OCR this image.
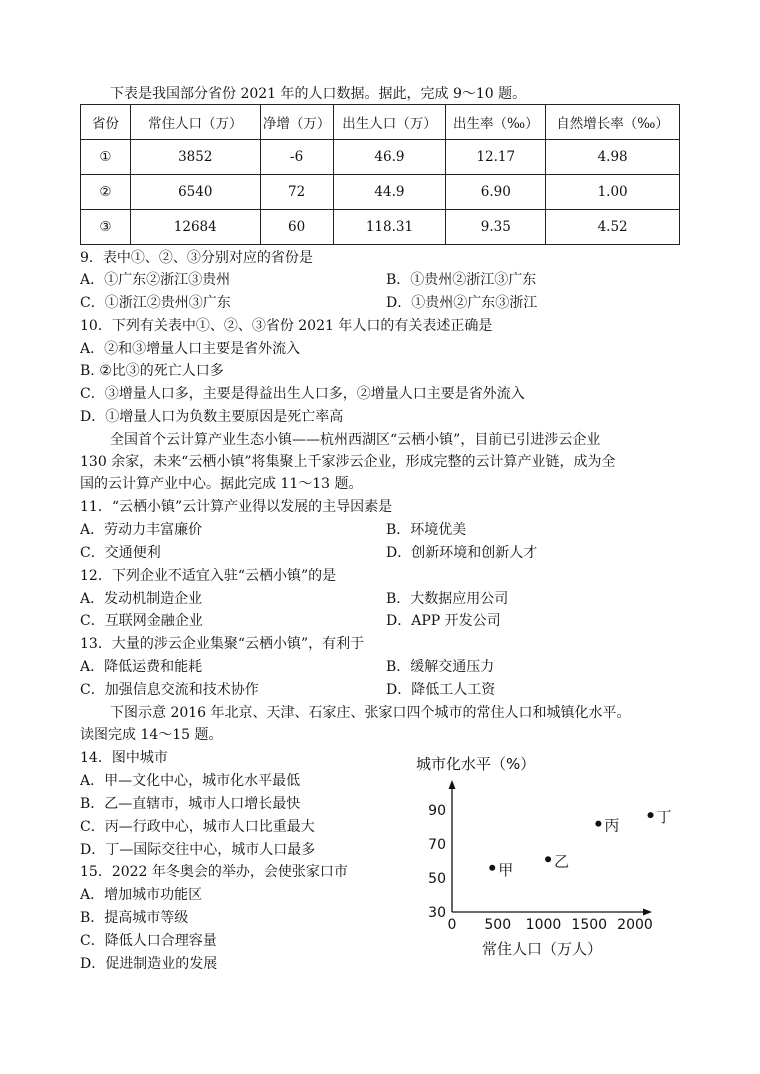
下表是我国部分省份 2021 年的人口数据。据此，完成 9～10 题。
省份	常住人口（万）	净增（万）	出生人口（万）	出生率（‰）	自然增长率（‰）
①	3852	-6	46.9	12.17	4.98
②	6540	72	44.9	6.90	1.00
③	12684	60	118.31	9.35	4.52
9．表中①、②、③分别对应的省份是
A．①广东②浙江③贵州	B．①贵州②浙江③广东
C．①浙江②贵州③广东	D．①贵州②广东③浙江
10．下列有关表中①、②、③省份 2021 年人口的有关表述正确是
A．②和③增量人口主要是省外流入
B. ②比③的死亡人口多
C．③增量人口多，主要是得益出生人口多，②增量人口主要是省外流入
D．①增量人口为负数主要原因是死亡率高
全国首个云计算产业生态小镇——杭州西湖区“云栖小镇”，目前已引进涉云企业
130 余家，未来“云栖小镇”将集聚上千家涉云企业，形成完整的云计算产业链，成为全
国的云计算产业中心。据此完成 11～13 题。
11．“云栖小镇”云计算产业得以发展的主导因素是
A．劳动力丰富廉价	B．环境优美
C．交通便利	D．创新环境和创新人才
12．下列企业不适宜入驻“云栖小镇”的是
A．发动机制造企业	B．大数据应用公司
C．互联网金融企业	D．APP 开发公司
13．大量的涉云企业集聚“云栖小镇”，有利于
A．降低运费和能耗	B．缓解交通压力
C．加强信息交流和技术协作	D．降低工人工资
下图示意 2016 年北京、天津、石家庄、张家口四个城市的常住人口和城镇化水平。
读图完成 14～15 题。
14．图中城市
A．甲—文化中心，城市化水平最低
B．乙—直辖市，城市人口增长最快
C．丙—行政中心，城市人口比重最大
D．丁—国际交往中心，城市人口最多
15．2022 年冬奥会的举办，会使张家口市
A．增加城市功能区
B．提高城市等级
C．降低人口合理容量
D．促进制造业的发展
城市化水平（%）
0 500 1000 1500 2000
30
50
70
90
甲	乙
丙 丁
常住人口（万人）
